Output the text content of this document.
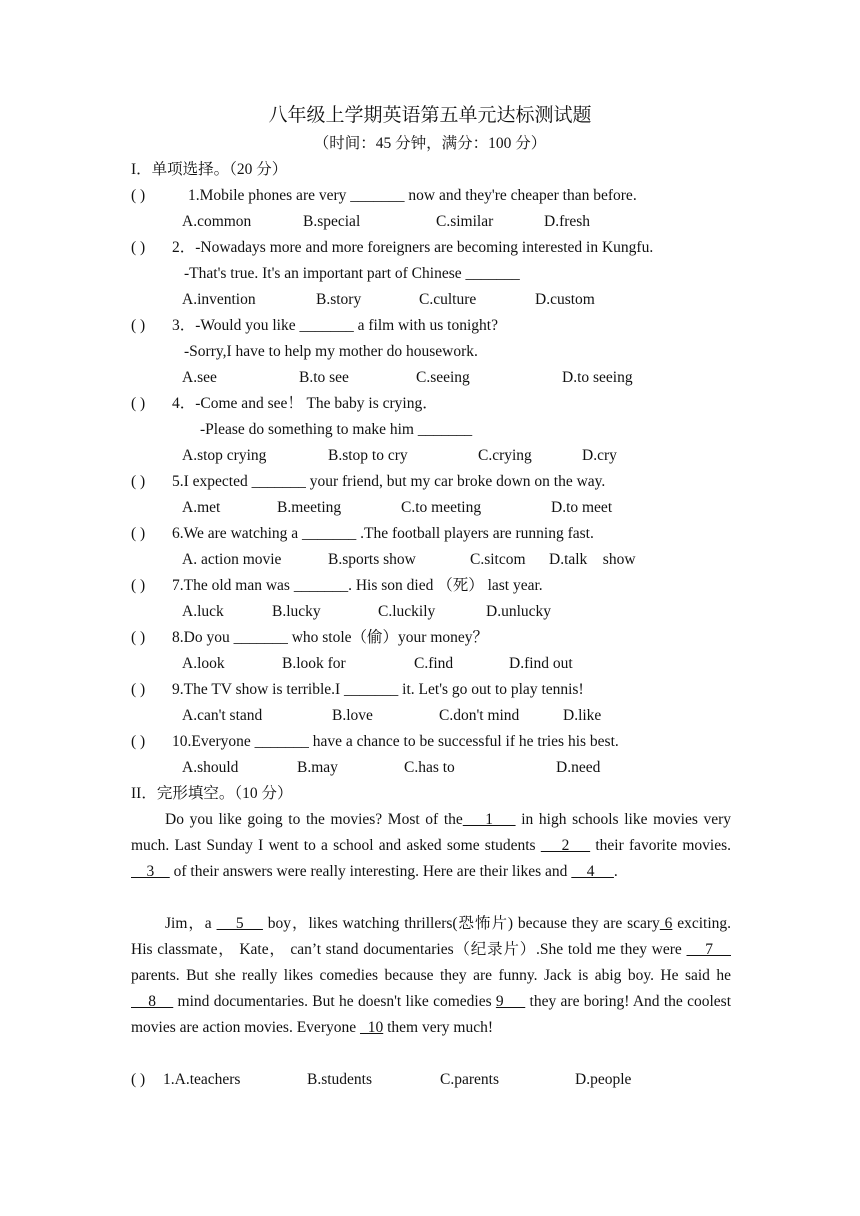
八年级上学期英语第五单元达标测试题
（时间：45 分钟，满分：100 分）
I．单项选择。（20 分）
( )	1.Mobile phones are very _______ now and they're cheaper than before.
A.common	B.special	C.similar	D.fresh
( ) 2．-Nowadays more and more foreigners are becoming interested in Kungfu.
-That's true. It's an important part of Chinese _______
A.invention	B.story	C.culture	D.custom
( ) 3．-Would you like _______ a film with us tonight?
-Sorry,I have to help my mother do housework.
A.see	B.to see	C.seeing	D.to seeing
( ) 4．-Come and see！ The baby is crying．
-Please do something to make him _______
A.stop crying	B.stop to cry	C.crying	D.cry
( ) 5.I expected _______ your friend, but my car broke down on the way.
A.met	B.meeting	C.to meeting	D.to meet
( ) 6.We are watching a _______ .The football players are running fast.
A. action movie	B.sports show	C.sitcom D.talk    show
( ) 7.The old man was _______. His son died （死） last year.
A.luck	B.lucky	C.luckily	D.unlucky
( ) 8.Do you _______ who stole（偷）your money？
A.look	B.look for	C.find	D.find out
( ) 9.The TV show is terrible.I _______ it. Let's go out to play tennis!
A.can't stand	B.love	C.don't mind	D.like
( ) 10.Everyone _______ have a chance to be successful if he tries his best.
A.should	B.may	C.has to	D.need
II．完形填空。（10 分）
Do you like going to the movies? Most of the    1     in high schools like movies very much. Last Sunday I went to a school and asked some students     2     their favorite movies.     3     of their answers were really interesting. Here are their likes and     4     .
Jim，a     5     boy，likes watching thrillers(恐怖片) because they are scary 6 exciting. His classmate， Kate， can’t stand documentaries（纪录片）.She told me they were     7     parents. But she really likes comedies because they are funny. Jack is abig boy. He said he     8     mind documentaries. But he doesn't like comedies 9      they are boring! And the coolest movies are action movies. Everyone   10 them very much!
( ) 1.A.teachers	B.students	C.parents	D.people
